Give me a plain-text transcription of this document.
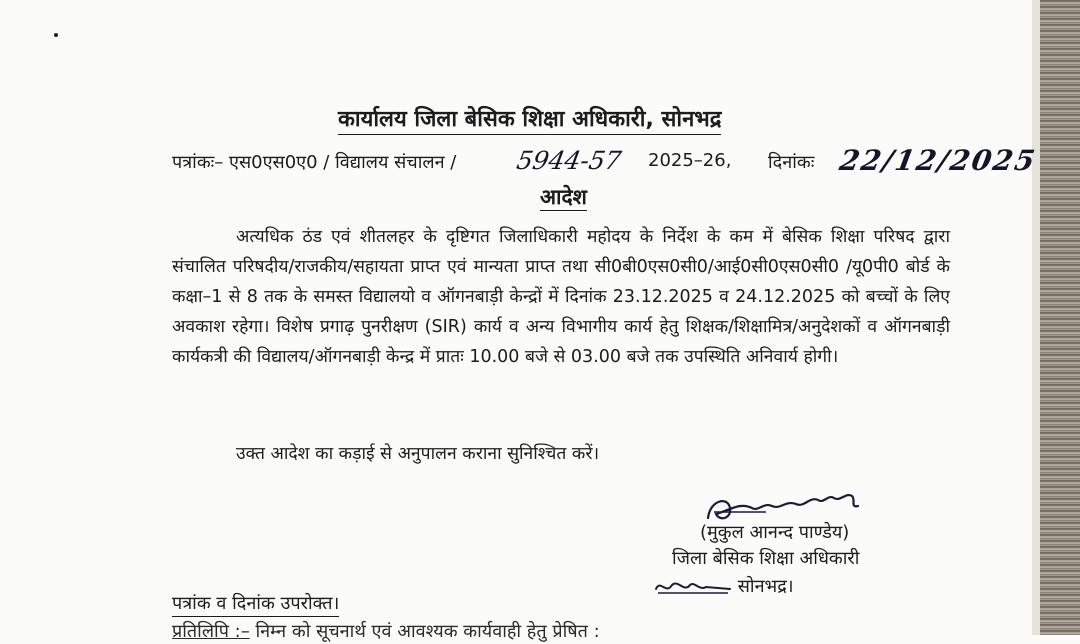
कार्यालय जिला बेसिक शिक्षा अधिकारी, सोनभद्र
पत्रांकः– एस0एस0ए0 / विद्यालय संचालन / 5944-57 2025–26, दिनांकः 22/12/2025
आदेश

अत्यधिक ठंड एवं शीतलहर के दृष्टिगत जिलाधिकारी महोदय के निर्देश के कम में बेसिक शिक्षा परिषद द्वारा संचालित परिषदीय/राजकीय/सहायता प्राप्त एवं मान्यता प्राप्त तथा सी0बी0एस0सी0/आई0सी0एस0सी0 /यू0पी0 बोर्ड के कक्षा–1 से 8 तक के समस्त विद्यालयो व ऑगनबाड़ी केन्द्रों में दिनांक 23.12.2025 व 24.12.2025 को बच्चों के लिए अवकाश रहेगा। विशेष प्रगाढ़ पुनरीक्षण (SIR) कार्य व अन्य विभागीय कार्य हेतु शिक्षक/शिक्षामित्र/अनुदेशकों व ऑगनबाड़ी कार्यकत्री की विद्यालय/ऑगनबाड़ी केन्द्र में प्रातः 10.00 बजे से 03.00 बजे तक उपस्थिति अनिवार्य होगी।

उक्त आदेश का कड़ाई से अनुपालन कराना सुनिश्चित करें।
(मुकुल आनन्द पाण्डेय)
जिला बेसिक शिक्षा अधिकारी
सोनभद्र।
पत्रांक व दिनांक उपरोक्त।
प्रतिलिपि :– निम्न को सूचनार्थ एवं आवश्यक कार्यवाही हेतु प्रेषित :
